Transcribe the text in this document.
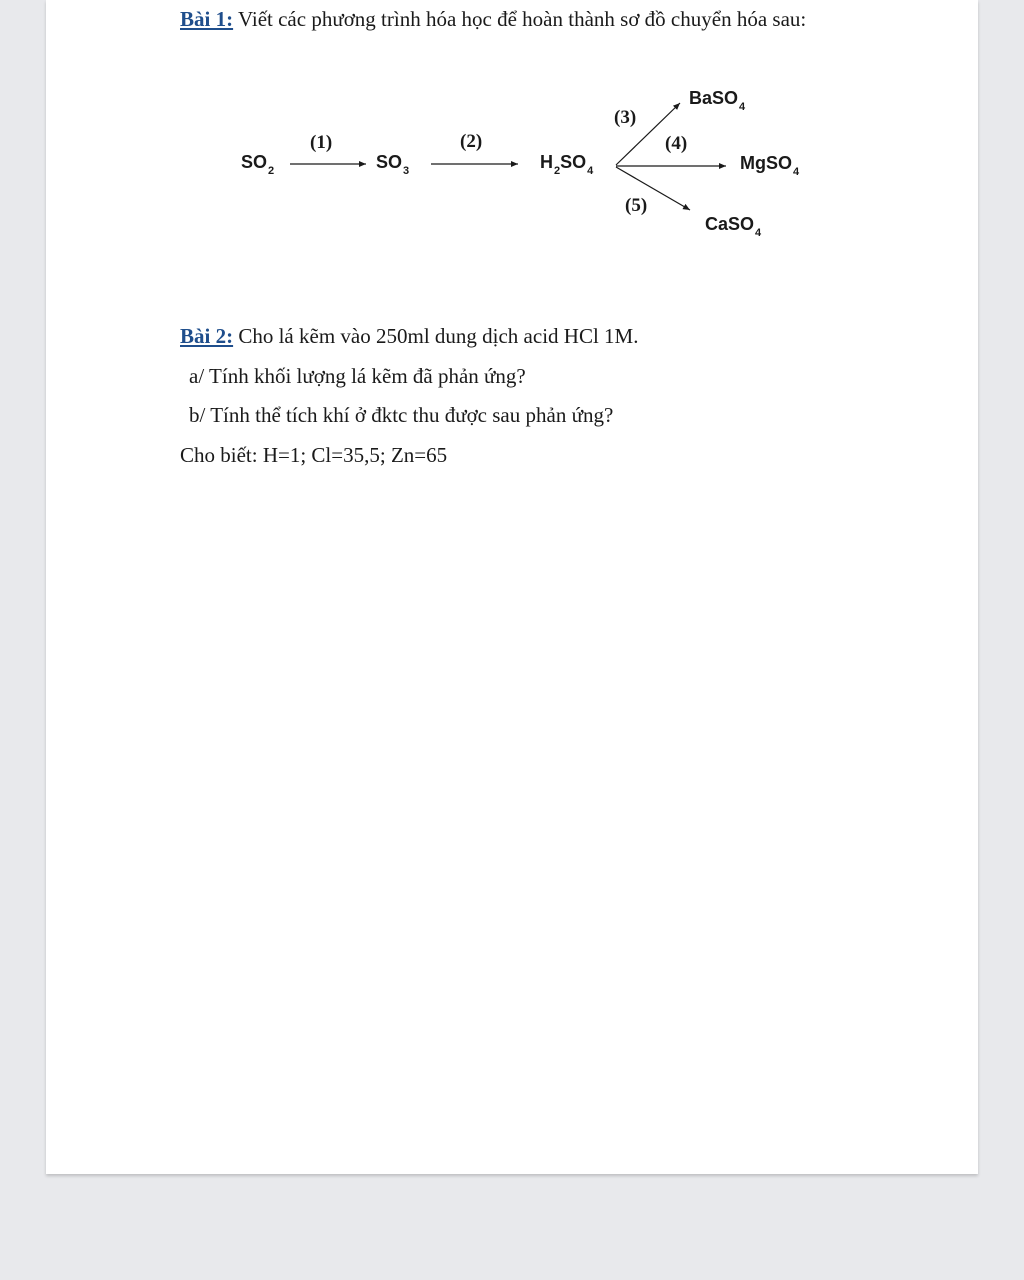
Bài 1: Viết các phương trình hóa học để hoàn thành sơ đồ chuyển hóa sau:
$SO_2$	$SO_3$	$H_2SO_4$
BaSO$_4$
MgSO$_4$
CaSO$_4$
(1)	(2)
(3)
(4)
(5)
Bài 2: Cho lá kẽm vào 250ml dung dịch acid HCl 1M.
a/ Tính khối lượng lá kẽm đã phản ứng?
b/ Tính thể tích khí ở đktc thu được sau phản ứng?
Cho biết: H=1; Cl=35,5; Zn=65
